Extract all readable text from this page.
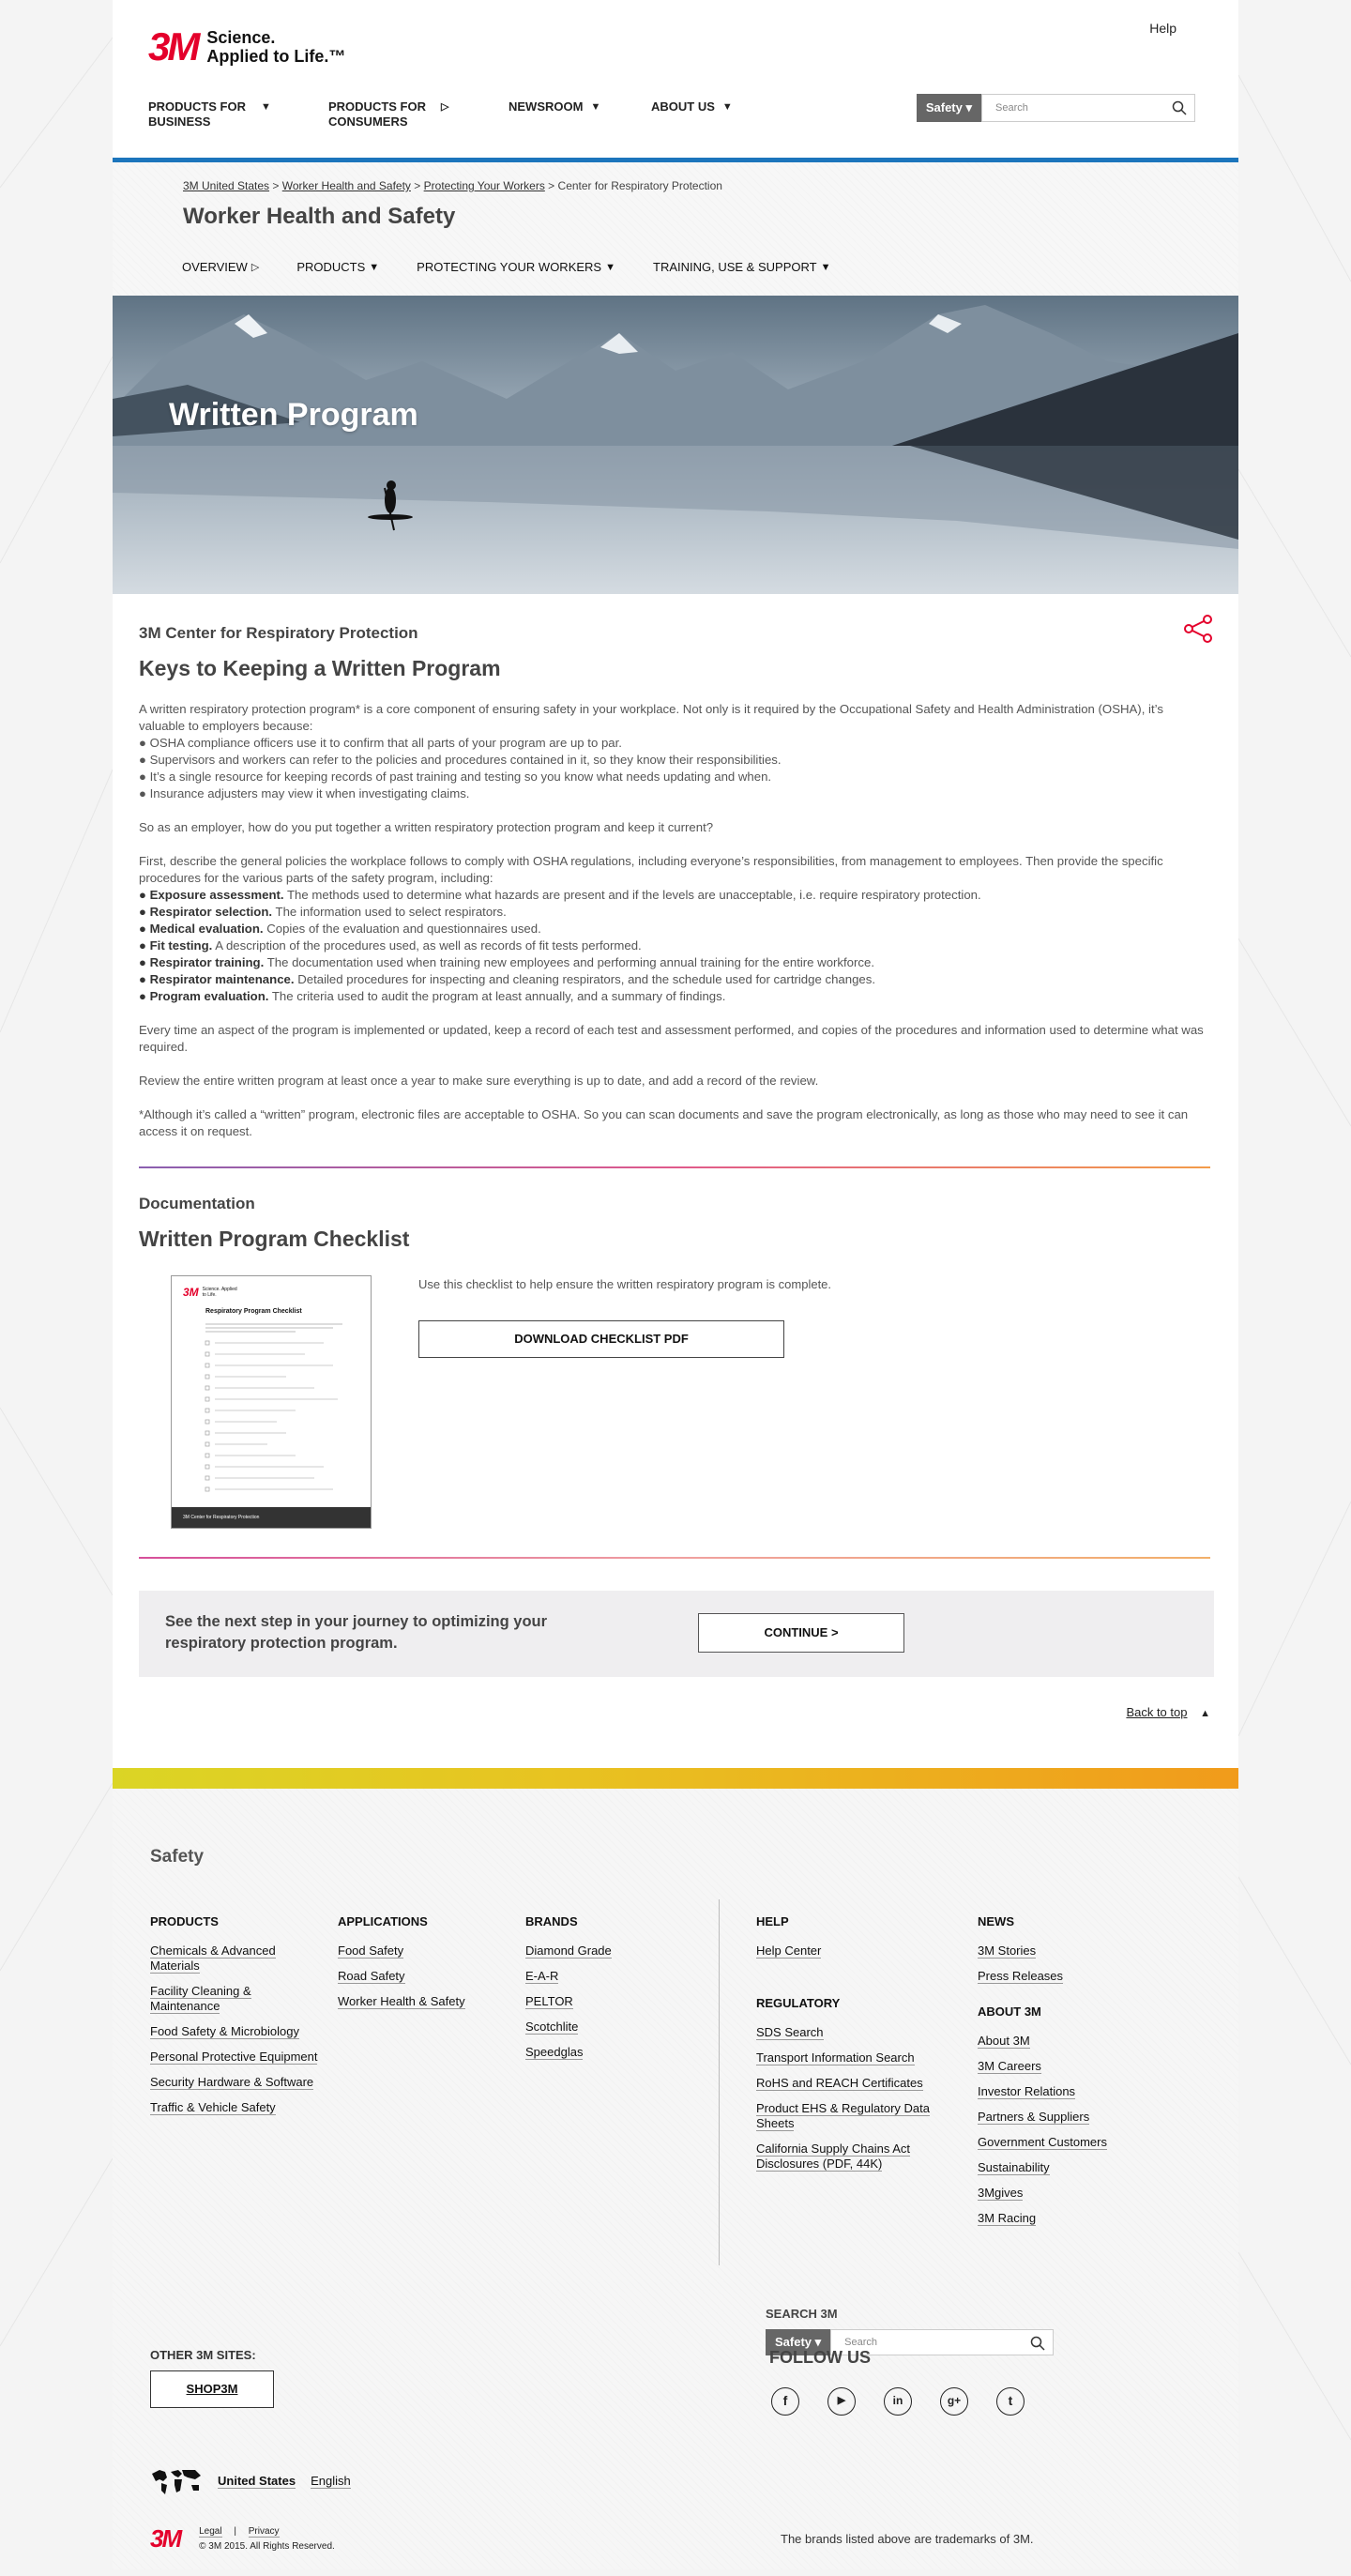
3M Science.
Applied to Life.™
Help
PRODUCTS FOR
BUSINESS
▼	PRODUCTS FOR
CONSUMERS
▷	NEWSROOM ▼	ABOUT US ▼	Safety ▾	Search
3M United States > Worker Health and Safety > Protecting Your Workers > Center for Respiratory Protection
Worker Health and Safety
OVERVIEW ▷	PRODUCTS ▼	PROTECTING YOUR WORKERS ▼	TRAINING, USE & SUPPORT ▼
Written Program
3M Center for Respiratory Protection
Keys to Keeping a Written Program

A written respiratory protection program* is a core component of ensuring safety in your workplace. Not only is it required by the Occupational Safety and Health Administration (OSHA), it’s valuable to employers because:
● OSHA compliance officers use it to confirm that all parts of your program are up to par.
● Supervisors and workers can refer to the policies and procedures contained in it, so they know their responsibilities.
● It’s a single resource for keeping records of past training and testing so you know what needs updating and when.
● Insurance adjusters may view it when investigating claims.

So as an employer, how do you put together a written respiratory protection program and keep it current?

First, describe the general policies the workplace follows to comply with OSHA regulations, including everyone’s responsibilities, from management to employees. Then provide the specific procedures for the various parts of the safety program, including:
● Exposure assessment. The methods used to determine what hazards are present and if the levels are unacceptable, i.e. require respiratory protection.
● Respirator selection. The information used to select respirators.
● Medical evaluation. Copies of the evaluation and questionnaires used.
● Fit testing. A description of the procedures used, as well as records of fit tests performed.
● Respirator training. The documentation used when training new employees and performing annual training for the entire workforce.
● Respirator maintenance. Detailed procedures for inspecting and cleaning respirators, and the schedule used for cartridge changes.
● Program evaluation. The criteria used to audit the program at least annually, and a summary of findings.

Every time an aspect of the program is implemented or updated, keep a record of each test and assessment performed, and copies of the procedures and information used to determine what was required.

Review the entire written program at least once a year to make sure everything is up to date, and add a record of the review.

*Although it’s called a “written” program, electronic files are acceptable to OSHA. So you can scan documents and save the program electronically, as long as those who may need to see it can access it on request.

Documentation
Written Program Checklist
3M Science. Applied to Life.
Respiratory Program Checklist
3M Center for Respiratory Protection
Use this checklist to help ensure the written respiratory program is complete.
DOWNLOAD CHECKLIST PDF
See the next step in your journey to optimizing your respiratory protection program.
CONTINUE >
Back to top ▲
Safety
PRODUCTS
Chemicals & Advanced Materials
Facility Cleaning & Maintenance
Food Safety & Microbiology
Personal Protective Equipment
Security Hardware & Software
Traffic & Vehicle Safety
APPLICATIONS
Food Safety
Road Safety
Worker Health & Safety
BRANDS
Diamond Grade
E-A-R
PELTOR
Scotchlite
Speedglas
HELP
Help Center
REGULATORY
SDS Search
Transport Information Search
RoHS and REACH Certificates
Product EHS & Regulatory Data Sheets
California Supply Chains Act Disclosures (PDF, 44K)
NEWS
3M Stories
Press Releases
ABOUT 3M
About 3M
3M Careers
Investor Relations
Partners & Suppliers
Government Customers
Sustainability
3Mgives
3M Racing
SEARCH 3M
Safety ▾	Search
OTHER 3M SITES:
SHOP3M
FOLLOW US
f	▶	in	g+	t
United States English
3M Legal | Privacy
© 3M 2015. All Rights Reserved.
The brands listed above are trademarks of 3M.
